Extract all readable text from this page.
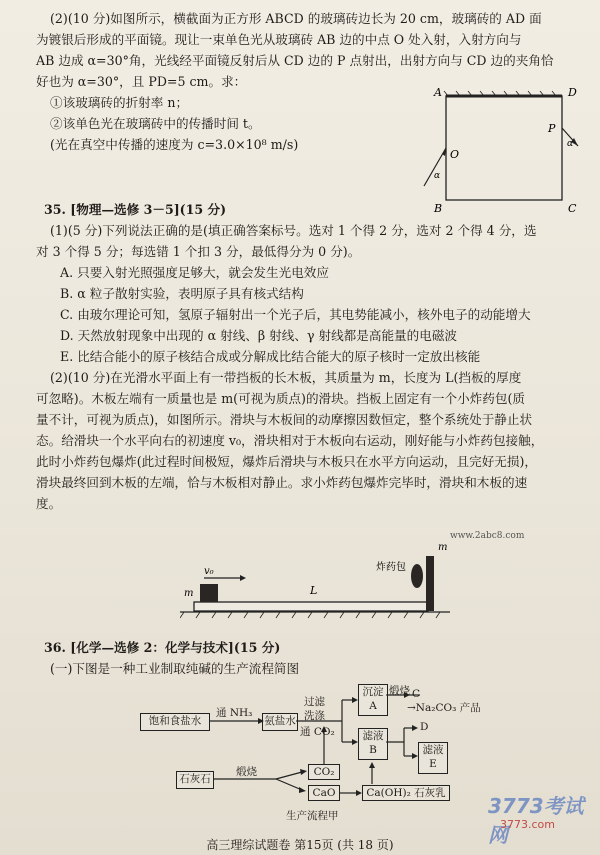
(2)(10 分)如图所示，横截面为正方形 ABCD 的玻璃砖边长为 20 cm，玻璃砖的 AD 面

为镀银后形成的平面镜。现让一束单色光从玻璃砖 AB 边的中点 O 处入射，入射方向与

AB 边成 α=30°角，光线经平面镜反射后从 CD 边的 P 点射出，出射方向与 CD 边的夹角恰

好也为 α=30°，且 PD=5 cm。求：

①该玻璃砖的折射率 n；

②该单色光在玻璃砖中的传播时间 t。

(光在真空中传播的速度为 c=3.0×10⁸ m/s)

A	D
B	C
O
P
α
α

35. [物理—选修 3－5](15 分)

(1)(5 分)下列说法正确的是(填正确答案标号。选对 1 个得 2 分，选对 2 个得 4 分，选

对 3 个得 5 分；每选错 1 个扣 3 分，最低得分为 0 分)。

A. 只要入射光照强度足够大，就会发生光电效应

B. α 粒子散射实验，表明原子具有核式结构

C. 由玻尔理论可知，氢原子辐射出一个光子后，其电势能减小，核外电子的动能增大

D. 天然放射现象中出现的 α 射线、β 射线、γ 射线都是高能量的电磁波

E. 比结合能小的原子核结合成或分解成比结合能大的原子核时一定放出核能

(2)(10 分)在光滑水平面上有一带挡板的长木板，其质量为 m，长度为 L(挡板的厚度

可忽略)。木板左端有一质量也是 m(可视为质点)的滑块。挡板上固定有一个小炸药包(质

量不计，可视为质点)，如图所示。滑块与木板间的动摩擦因数恒定，整个系统处于静止状

态。给滑块一个水平向右的初速度 v₀，滑块相对于木板向右运动，刚好能与小炸药包接触，

此时小炸药包爆炸(此过程时间极短，爆炸后滑块与木板只在水平方向运动，且完好无损)，

滑块最终回到木板的左端，恰与木板相对静止。求小炸药包爆炸完毕时，滑块和木板的速

度。

www.2abc8.com
v₀
m
m
L
炸药包

36. [化学—选修 2：化学与技术](15 分)

(一)下图是一种工业制取纯碱的生产流程简图

饱和食盐水
通 NH₃
氨盐水
过滤
洗涤
通 CO₂
沉淀
A
滤液
B
煅烧 C
→Na₂CO₃ 产品
D
滤液
E
石灰石
煅烧	CO₂
CaO	Ca(OH)₂ 石灰乳
生产流程甲	3773考试网
3773.com
高三理综试题卷 第15页 (共 18 页)
